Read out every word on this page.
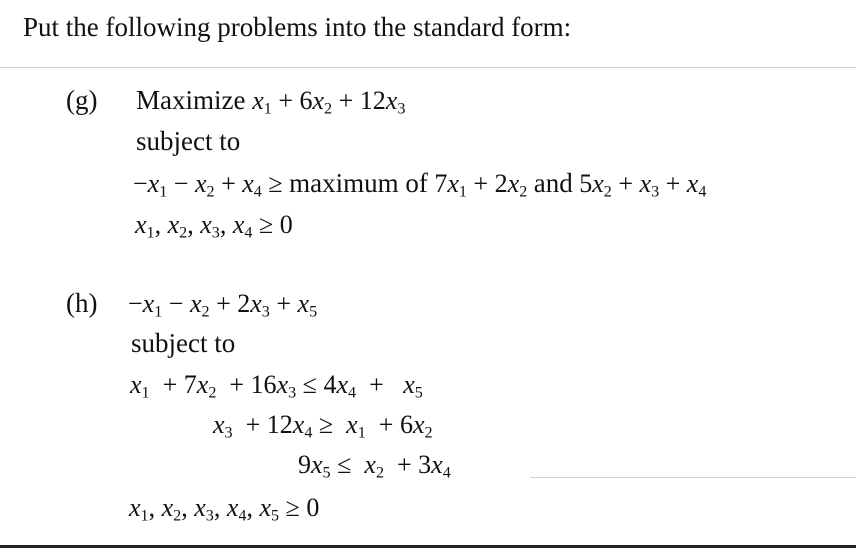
Put the following problems into the standard form:
(g) Maximize $x_1 + 6x_2 + 12x_3$
subject to
$-x_1 - x_2 + x_4$ ≥ maximum of $7x_1 + 2x_2$ and $5x_2 + x_3 + x_4$
$x_1$, $x_2$, $x_3$, $x_4 \ge 0$
$(h) -x_1 - x_2 + 2x_3 + x_5$
subject to
$x_1 + 7x_2 + 16x_3 \le 4x_4 + x_5$
$x_3 + 12x_4 \ge x_1 + 6x_2$
$9x_5 \le x_2 + 3x_4$
$x_1$, $x_2$, $x_3$, $x_4$, $x_5 \ge 0$
